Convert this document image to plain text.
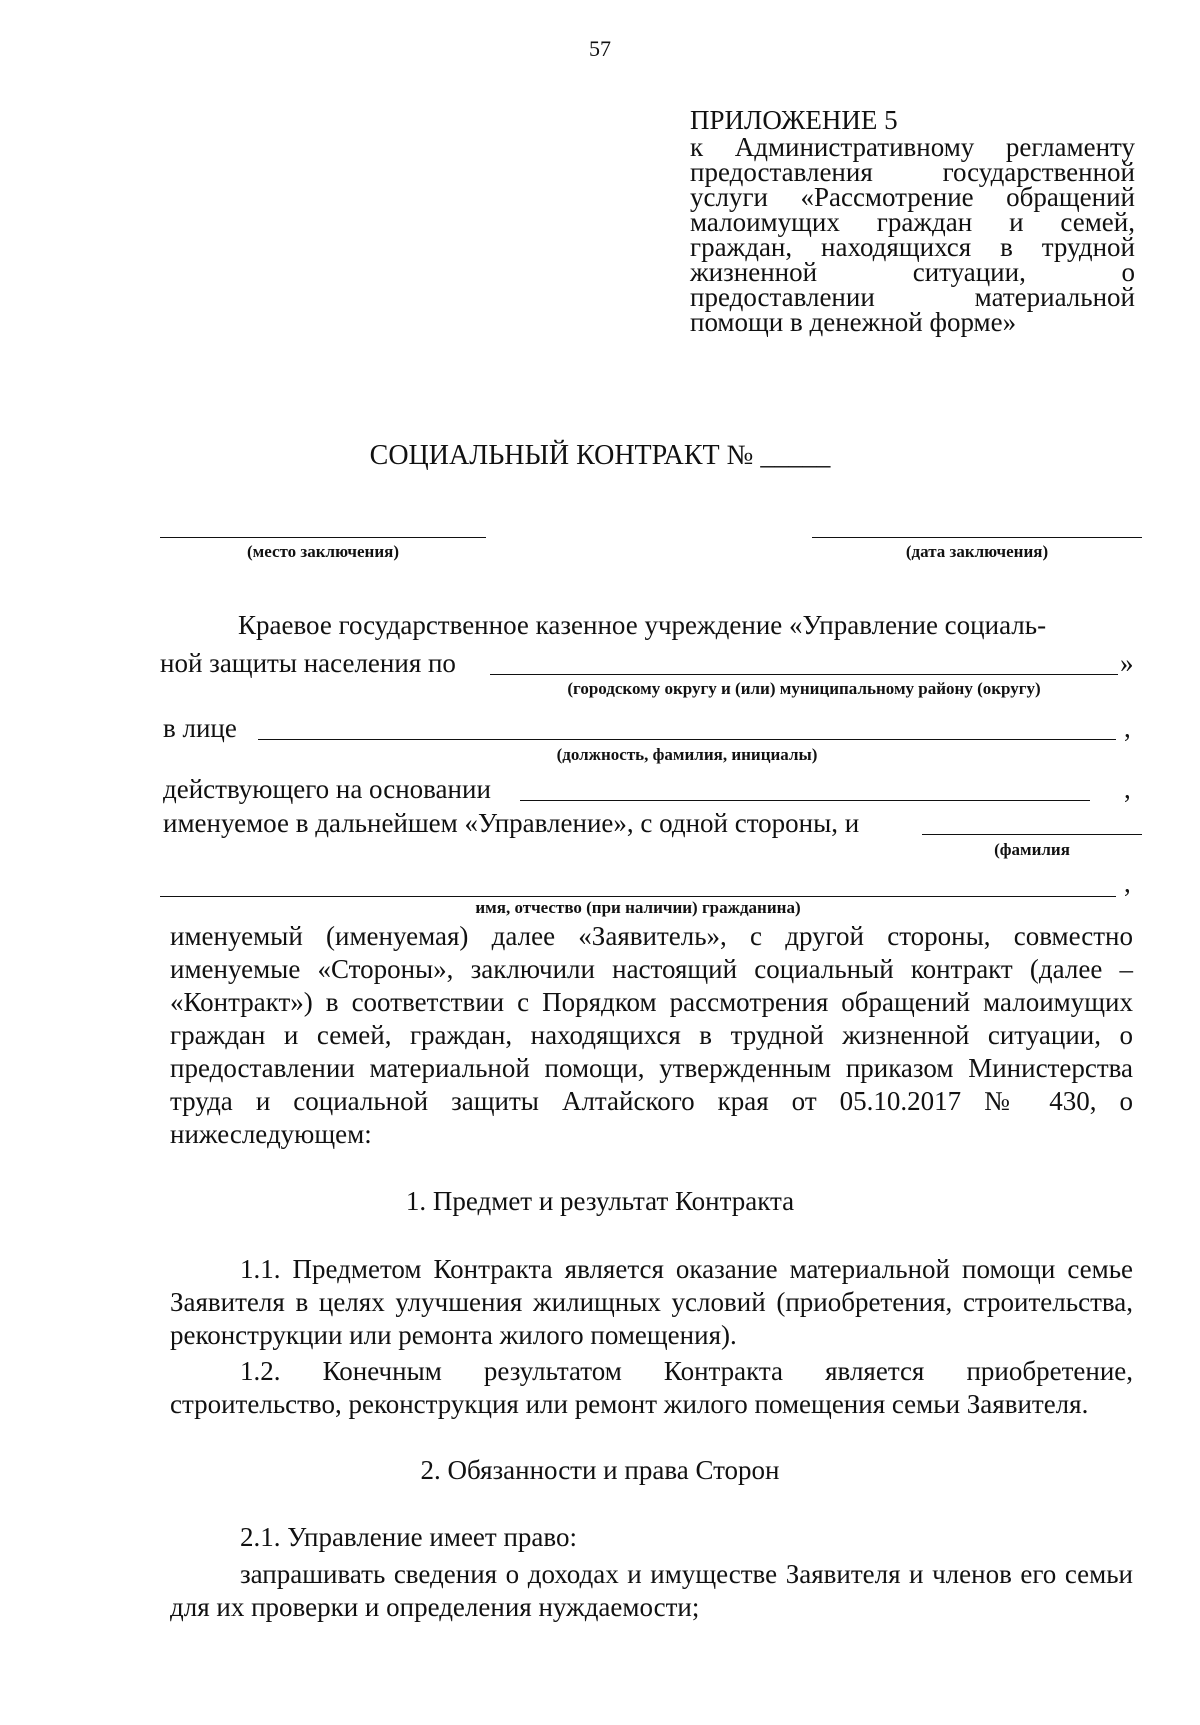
57
ПРИЛОЖЕНИЕ 5
к Административному регламенту предоставления государственной услуги «Рассмотрение обращений малоимущих граждан и семей, граждан, находящихся в трудной жизненной ситуации, о предоставлении материальной помощи в денежной форме»
СОЦИАЛЬНЫЙ КОНТРАКТ № _____
(место заключения)	(дата заключения)
Краевое государственное казенное учреждение «Управление социаль-
ной защиты населения по	»
(городскому округу и (или) муниципальному району (округу)
в лице	,
(должность, фамилия, инициалы)
действующего на основании	,
именуемое в дальнейшем «Управление», с одной стороны, и
(фамилия
,
имя, отчество (при наличии) гражданина)
именуемый (именуемая) далее «Заявитель», с другой стороны, совместно именуемые «Стороны», заключили настоящий социальный контракт (далее – «Контракт») в соответствии с Порядком рассмотрения обращений малоимущих граждан и семей, граждан, находящихся в трудной жизненной ситуации, о предоставлении материальной помощи, утвержденным приказом Министерства труда и социальной защиты Алтайского края от 05.10.2017 № 430, о нижеследующем:
1. Предмет и результат Контракта
1.1. Предметом Контракта является оказание материальной помощи семье Заявителя в целях улучшения жилищных условий (приобретения, строительства, реконструкции или ремонта жилого помещения).
1.2. Конечным результатом Контракта является приобретение, строительство, реконструкция или ремонт жилого помещения семьи Заявителя.
2. Обязанности и права Сторон
2.1. Управление имеет право:
запрашивать сведения о доходах и имуществе Заявителя и членов его семьи для их проверки и определения нуждаемости;
